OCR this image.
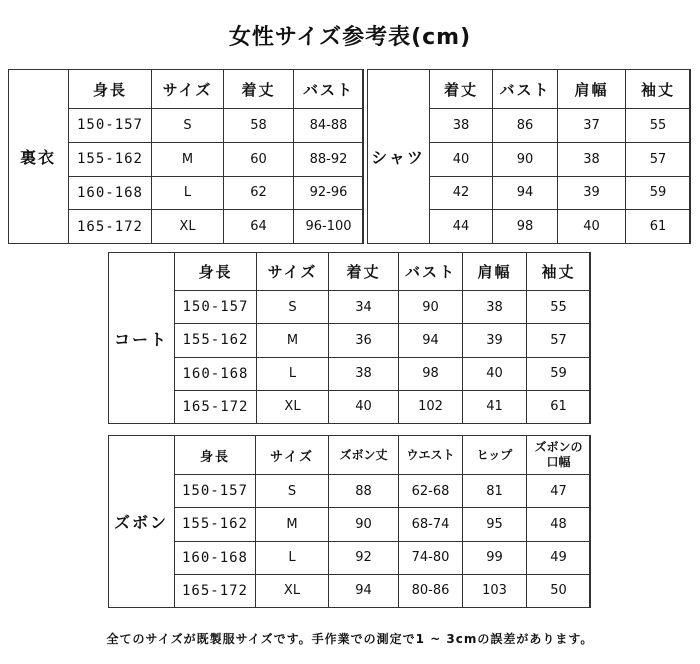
女性サイズ参考表(cm)
裏衣
身長	サイズ	着丈	バスト
150-157	S	58	84-88
155-162	M	60	88-92
160-168	L	62	92-96
165-172	XL	64	96-100
シャツ
着丈	バスト	肩幅	袖丈
38	86	37	55
40	90	38	57
42	94	39	59
44	98	40	61
コート
身長	サイズ	着丈	バスト	肩幅	袖丈
150-157	S	34	90	38	55
155-162	M	36	94	39	57
160-168	L	38	98	40	59
165-172	XL	40	102	41	61
ズボン
身長	サイズ	ズボン丈	ウエスト	ヒップ	ズボンの口幅
150-157	S	88	62-68	81	47
155-162	M	90	68-74	95	48
160-168	L	92	74-80	99	49
165-172	XL	94	80-86	103	50
全てのサイズが既製服サイズです。手作業での測定で1 ~ 3cmの誤差があります。
